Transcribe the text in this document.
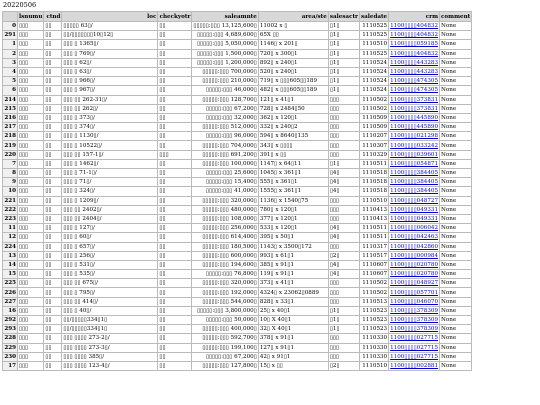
20220506
	lsnumu	ctnd	loc	checkyotr	saleamnte	area/ste	salesactr	saledate	crm	comment
0	▯▯▯	▯▯	▯▯▯▯▯ 63▯/	▯▯	▯▯▯▯▯:▯▯▯ 13,125,600▯	11002 x ▯	▯1▯	1110525	1100▯▯▯▯404832	None
291	▯▯▯	▯▯	▯▯/▯▯▯▯▯▯▯10▯12▯	▯▯	▯▯▯▯▯:▯▯▯ 4,689,600▯	65X ▯▯	▯1▯	1110525	1100▯▯▯▯404832	None
1	▯▯▯	▯▯	▯▯▯ ▯ 1365▯/	▯▯	▯▯▯▯▯:▯▯▯ 5,050,000▯	1146▯ x 201▯	▯1▯	1110510	1100▯▯▯▯059185	None
2	▯▯▯	▯▯	▯▯▯ ▯ 769▯/	▯▯	▯▯▯▯▯:▯▯▯ 1,500,000▯	720▯ x 300▯1	▯1▯	1110525	1100▯▯▯▯404832	None
3	▯▯▯	▯▯	▯▯▯ ▯ 62▯/	▯▯	▯▯▯▯▯:▯▯▯ 1,200,000▯	892▯ x 240▯1	▯1▯	1110524	1100▯▯▯▯443283	None
4	▯▯▯	▯▯	▯▯▯ ▯ 63▯/	▯▯	▯▯▯▯▯:▯▯▯ 700,000▯	520▯ x 240▯1	▯1▯	1110524	1100▯▯▯▯443283	None
5	▯▯▯	▯▯	▯▯▯ ▯ 966▯/	▯▯	▯▯▯▯▯:▯▯▯ 210,000▯	719▯ x ▯▯▯605▯▯189	▯1▯	1110524	1100▯▯▯▯474305	None
6	▯▯▯	▯▯	▯▯▯ ▯ 967▯/	▯▯	▯▯▯▯▯:▯▯▯ 46,000▯	482▯ x ▯▯▯605▯▯189	▯1▯	1110524	1100▯▯▯▯474305	None
214	▯▯▯	▯▯	▯▯▯ ▯▯ 262-31▯/	▯▯	▯▯▯▯▯:▯▯▯ 128,700▯	121▯ x 41▯1	▯▯▯	1110502	1100▯▯▯▯373831	None
215	▯▯▯	▯▯	▯▯▯ ▯▯ 262▯/	▯▯	▯▯▯▯▯:▯▯▯ 67,200▯	728▯ x 2484▯50	▯▯▯	1110502	1100▯▯▯▯373831	None
216	▯▯▯	▯▯	▯▯▯ ▯ 373▯/	▯▯	▯▯▯▯▯:▯▯▯ 32,000▯	362▯ x 120▯1	▯▯▯	1110509	1100▯▯▯▯445890	None
217	▯▯▯	▯▯	▯▯▯ ▯ 374▯/	▯▯	▯▯▯▯▯:▯▯▯ 512,000▯	332▯ x 240▯2	▯▯▯	1110509	1100▯▯▯▯445890	None
218	▯▯▯	▯▯	▯▯▯ ▯ 1130▯/	▯▯	▯▯▯▯▯:▯▯▯ 96,000▯	594▯ x 8640▯135	▯▯▯	1110207	1100▯▯▯▯021298	None
219	▯▯▯	▯▯	▯▯▯ ▯ 10522▯/	▯▯	▯▯▯▯▯:▯▯▯ 704,000▯	343▯ x ▯▯▯▯	▯▯▯	1110307	1100▯▯▯▯033242	None
220	▯▯▯	▯▯	▯▯▯ ▯▯ 157-1▯/	▯▯▯	▯▯▯▯▯:▯▯▯ 691,200▯	391▯ x ▯▯	▯▯▯	1110329	1100▯▯▯▯039601	None
7	▯▯▯	▯▯	▯▯▯ ▯ 1462▯/	▯▯	▯▯▯▯▯:▯▯▯ 100,000▯	1147▯ x 64▯11	▯1▯	1110511	1100▯▯▯▯054871	None
8	▯▯▯	▯▯	▯▯▯ ▯ 71-1▯/	▯▯	▯▯▯▯▯:▯▯▯ 25,600▯	1045▯ x 361▯1	▯4▯	1110518	1100▯▯▯▯384405	None
9	▯▯▯	▯▯	▯▯▯ ▯ 71▯/	▯▯	▯▯▯▯▯:▯▯▯ 15,400▯	555▯ x 361▯1	▯4▯	1110518	1100▯▯▯▯384405	None
10	▯▯▯	▯▯	▯▯▯ ▯ 324▯/	▯▯	▯▯▯▯▯:▯▯▯ 41,000▯	1555▯ x 361▯1	▯4▯	1110518	1100▯▯▯▯384405	None
221	▯▯▯	▯▯	▯▯▯ ▯ 1209▯/	▯▯	▯▯▯▯▯:▯▯▯ 320,000▯	1136▯ x 1540▯75	▯▯▯	1110510	1100▯▯▯▯048727	None
222	▯▯▯	▯▯	▯▯▯ ▯▯ 2402▯/	▯▯	▯▯▯▯▯:▯▯▯ 480,000▯	780▯ x 120▯1	▯▯▯	1110413	1100▯▯▯▯049331	None
223	▯▯▯	▯▯	▯▯▯ ▯▯ 2404▯/	▯▯	▯▯▯▯▯:▯▯▯ 108,000▯	377▯ x 120▯1	▯▯▯	1110413	1100▯▯▯▯049331	None
11	▯▯▯	▯▯	▯▯▯ ▯ 127▯/	▯▯	▯▯▯▯▯:▯▯▯ 256,000▯	533▯ x 120▯1	▯4▯	1110511	1100▯▯▯▯006042	None
12	▯▯▯	▯▯	▯▯▯ ▯ 60▯/	▯▯	▯▯▯▯▯:▯▯▯ 614,400▯	395▯ x 50▯1	▯4▯	1110511	1100▯▯▯▯042463	None
224	▯▯▯	▯▯	▯▯▯ ▯ 657▯/	▯▯	▯▯▯▯▯:▯▯▯ 180,500▯	1143▯ x 3500▯172	▯▯▯	1110317	1100▯▯▯▯042860	None
13	▯▯▯	▯▯	▯▯▯ ▯ 256▯/	▯▯	▯▯▯▯▯:▯▯▯ 600,000▯	993▯ x 61▯1	▯2▯	1110517	1100▯▯▯▯000984	None
14	▯▯▯	▯▯	▯▯▯ ▯ 531▯/	▯▯	▯▯▯▯▯:▯▯▯ 194,600▯	385▯ x 91▯1	▯4▯	1110607	1100▯▯▯▯020780	None
15	▯▯▯	▯▯	▯▯▯ ▯ 535▯/	▯▯	▯▯▯▯▯:▯▯▯ 76,800▯	119▯ x 91▯1	▯4▯	1110607	1100▯▯▯▯020780	None
225	▯▯▯	▯▯	▯▯▯ ▯▯ 675▯/	▯▯	▯▯▯▯▯:▯▯▯ 320,000▯	373▯ x 41▯1	▯▯▯	1110502	1100▯▯▯▯048927	None
226	▯▯▯	▯▯	▯▯▯ ▯ 795▯/	▯▯	▯▯▯▯▯:▯▯▯ 192,000▯	4324▯ x 23062▯0889	▯▯▯	1110502	1100▯▯▯▯057701	None
227	▯▯▯	▯▯	▯▯▯ ▯▯ 414▯/	▯▯	▯▯▯▯▯:▯▯▯ 544,000▯	828▯ x 33▯1	▯▯▯	1110513	1100▯▯▯▯046070	None
16	▯▯▯	▯▯	▯▯▯ ▯ 40▯/	▯▯	▯▯▯▯▯:▯▯▯ 3,800,000▯	25▯ x 40▯1	▯1▯	1110523	1100▯▯▯▯378309	None
292	▯▯▯	▯▯	▯▯/▯▯▯▯▯334▯1▯	▯▯	▯▯▯▯▯:▯▯▯ 50,000▯	10▯ X 40▯1	▯1▯	1110523	1100▯▯▯▯378309	None
293	▯▯▯	▯▯	▯▯/▯▯▯▯▯334▯1▯	▯▯	▯▯▯▯▯:▯▯▯ 400,000▯	32▯ X 40▯1	▯1▯	1110523	1100▯▯▯▯378309	None
228	▯▯▯	▯▯	▯▯▯ ▯▯▯▯ 273-2▯/	▯▯	▯▯▯▯▯:▯▯▯ 592,700▯	378▯ x 91▯1	▯▯▯	1110330	1100▯▯▯▯027715	None
229	▯▯▯	▯▯	▯▯▯ ▯▯▯▯ 273-3▯/	▯▯	▯▯▯▯▯:▯▯▯ 199,100▯	127▯ x 91▯1	▯▯▯	1110330	1100▯▯▯▯027715	None
230	▯▯▯	▯▯	▯▯▯ ▯▯▯▯ 385▯/	▯▯	▯▯▯▯▯:▯▯▯ 67,200▯	42▯ x 91▯1	▯▯▯	1110330	1100▯▯▯▯027715	None
17	▯▯▯	▯▯	▯▯▯ ▯▯▯▯ 123-4▯/	▯▯	▯▯▯▯▯:▯▯▯ 127,800▯	15▯ x ▯▯	▯2▯	1110510	1100▯▯▯▯002881	None
